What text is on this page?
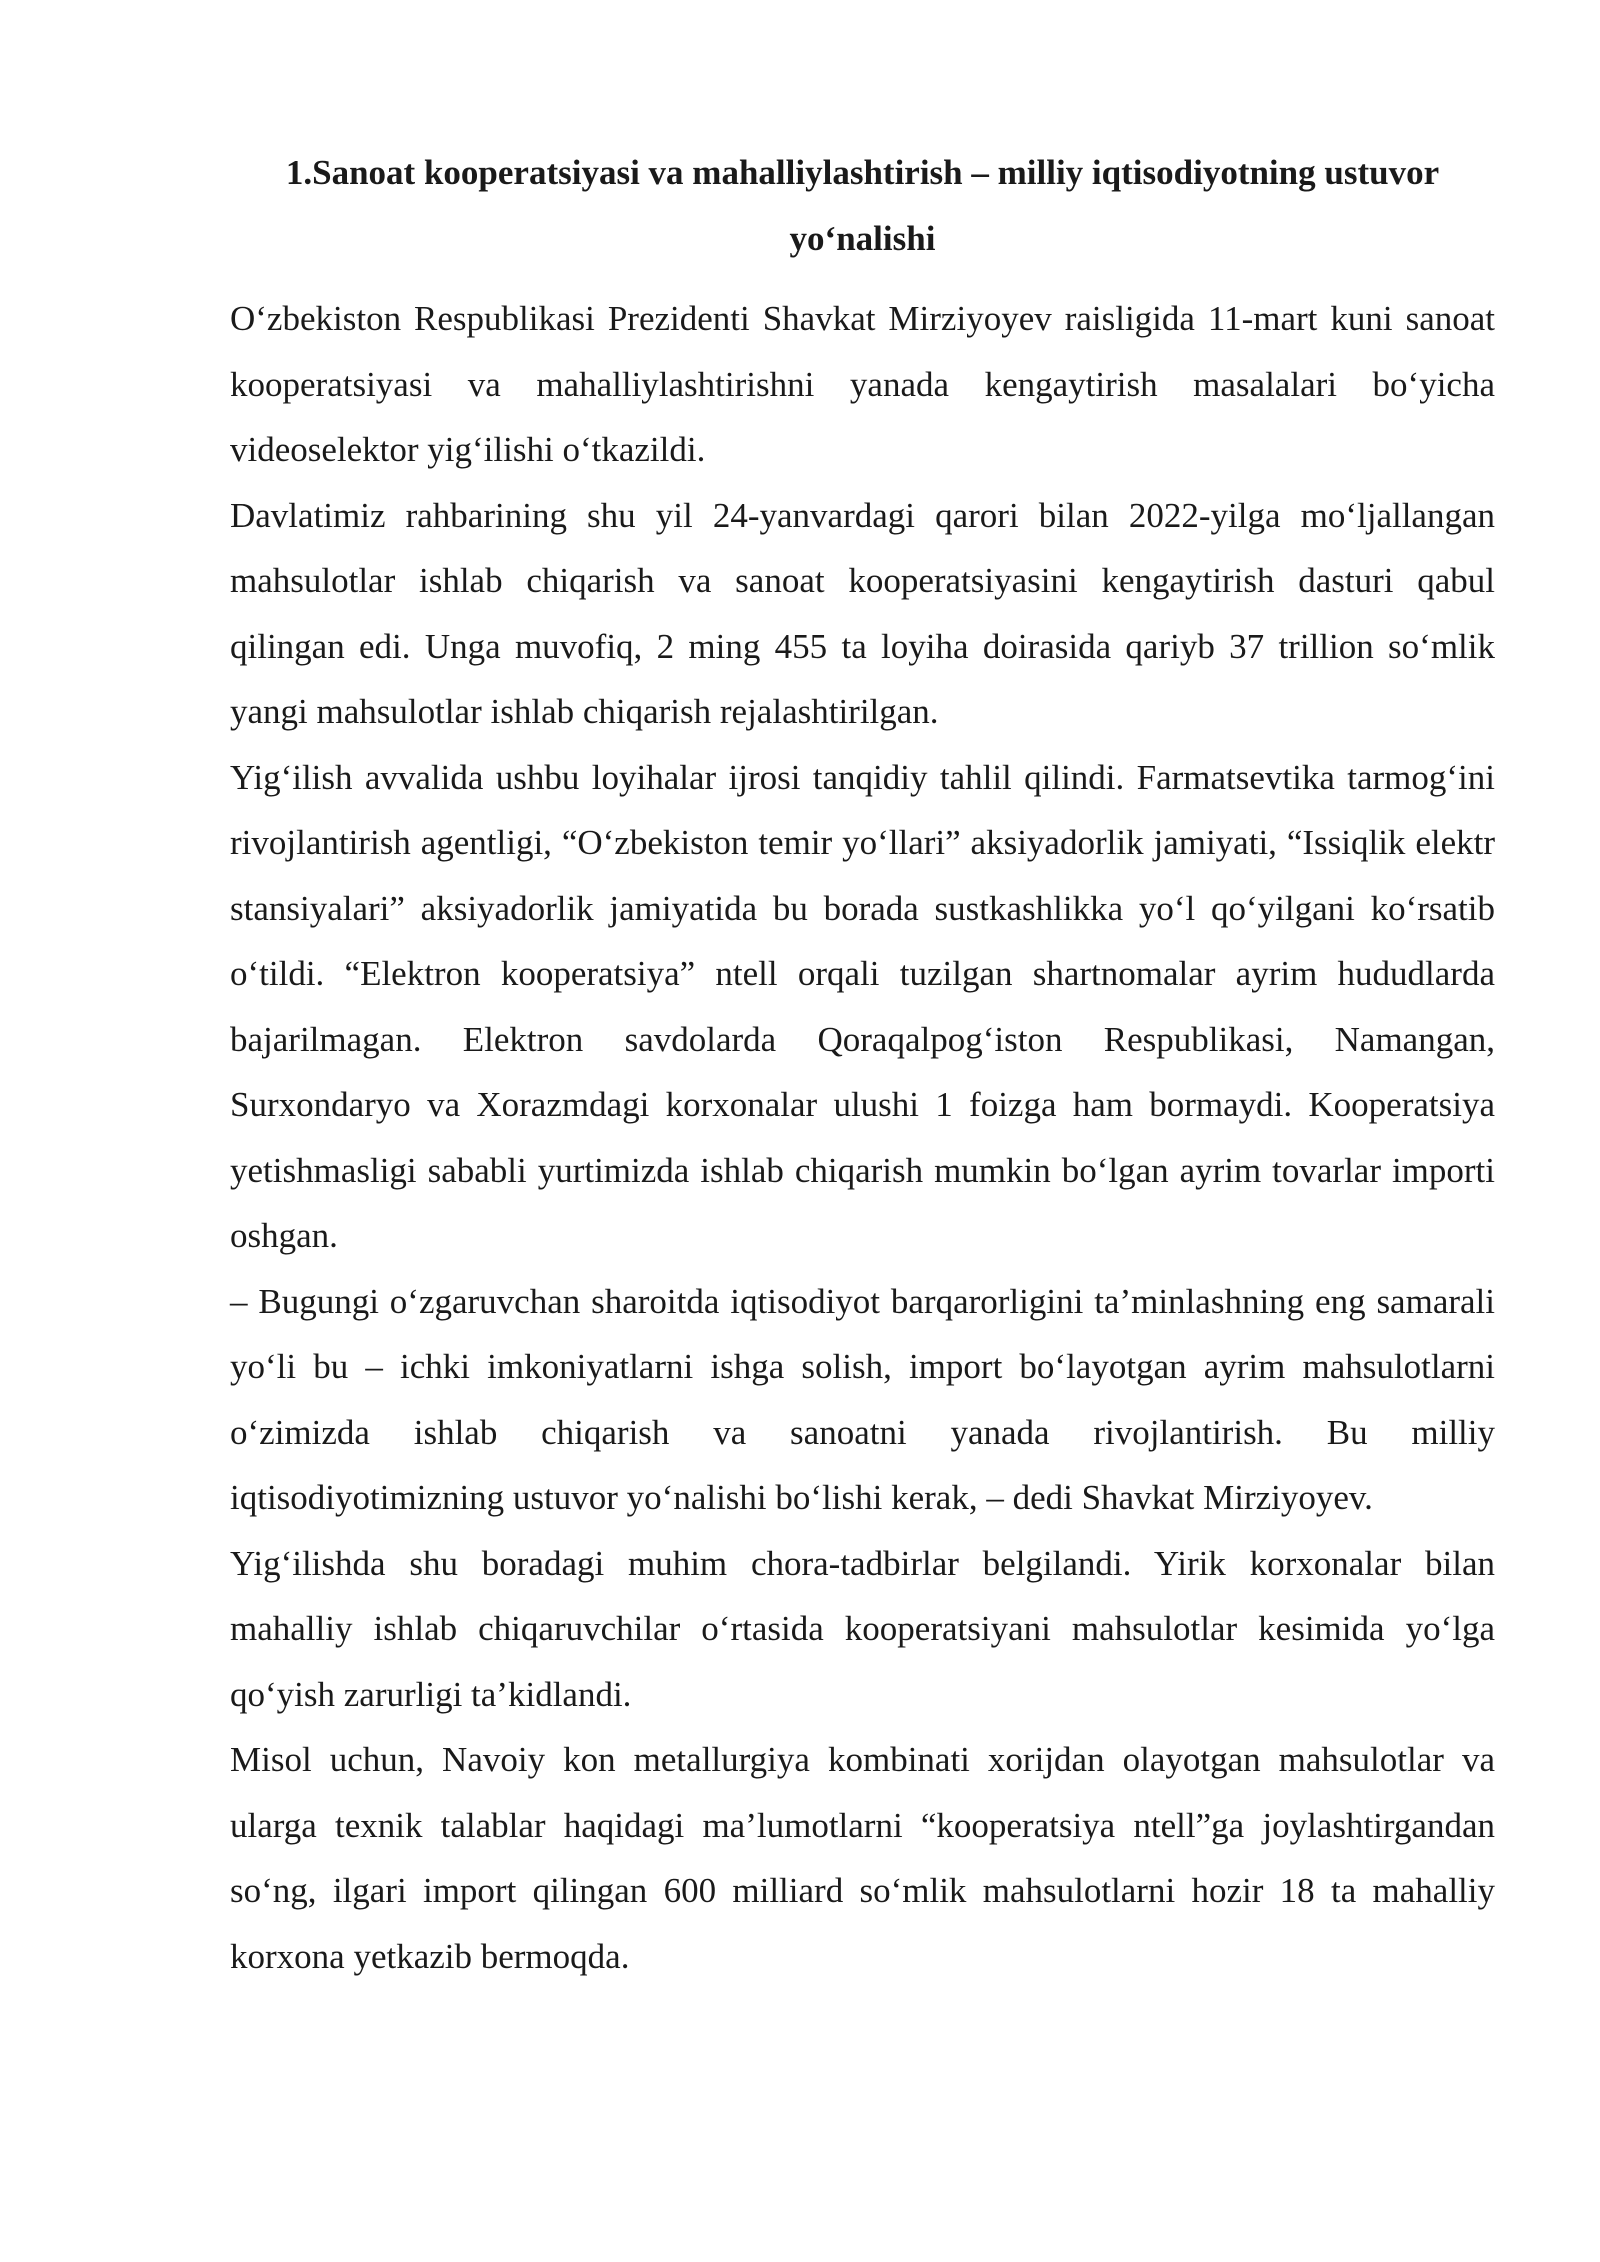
1.Sanoat kooperatsiyasi va mahalliylashtirish – milliy iqtisodiyotning ustuvor yo‘nalishi

O‘zbekiston Respublikasi Prezidenti Shavkat Mirziyoyev raisligida 11-mart kuni sanoat kooperatsiyasi va mahalliylashtirishni yanada kengaytirish masalalari bo‘yicha videoselektor yig‘ilishi o‘tkazildi.

Davlatimiz rahbarining shu yil 24-yanvardagi qarori bilan 2022-yilga mo‘ljallangan mahsulotlar ishlab chiqarish va sanoat kooperatsiyasini kengaytirish dasturi qabul qilingan edi. Unga muvofiq, 2 ming 455 ta loyiha doirasida qariyb 37 trillion so‘mlik yangi mahsulotlar ishlab chiqarish rejalashtirilgan.

Yig‘ilish avvalida ushbu loyihalar ijrosi tanqidiy tahlil qilindi. Farmatsevtika tarmog‘ini rivojlantirish agentligi, “O‘zbekiston temir yo‘llari” aksiyadorlik jamiyati, “Issiqlik elektr stansiyalari” aksiyadorlik jamiyatida bu borada sustkashlikka yo‘l qo‘yilgani ko‘rsatib o‘tildi. “Elektron kooperatsiya” ntell orqali tuzilgan shartnomalar ayrim hududlarda bajarilmagan. Elektron savdolarda Qoraqalpog‘iston Respublikasi, Namangan, Surxondaryo va Xorazmdagi korxonalar ulushi 1 foizga ham bormaydi. Kooperatsiya yetishmasligi sababli yurtimizda ishlab chiqarish mumkin bo‘lgan ayrim tovarlar importi oshgan.

– Bugungi o‘zgaruvchan sharoitda iqtisodiyot barqarorligini ta’minlashning eng samarali yo‘li bu – ichki imkoniyatlarni ishga solish, import bo‘layotgan ayrim mahsulotlarni o‘zimizda ishlab chiqarish va sanoatni yanada rivojlantirish. Bu milliy iqtisodiyotimizning ustuvor yo‘nalishi bo‘lishi kerak, – dedi Shavkat Mirziyoyev.

Yig‘ilishda shu boradagi muhim chora-tadbirlar belgilandi. Yirik korxonalar bilan mahalliy ishlab chiqaruvchilar o‘rtasida kooperatsiyani mahsulotlar kesimida yo‘lga qo‘yish zarurligi ta’kidlandi.

Misol uchun, Navoiy kon metallurgiya kombinati xorijdan olayotgan mahsulotlar va ularga texnik talablar haqidagi ma’lumotlarni “kooperatsiya ntell”ga joylashtirgandan so‘ng, ilgari import qilingan 600 milliard so‘mlik mahsulotlarni hozir 18 ta mahalliy korxona yetkazib bermoqda.
